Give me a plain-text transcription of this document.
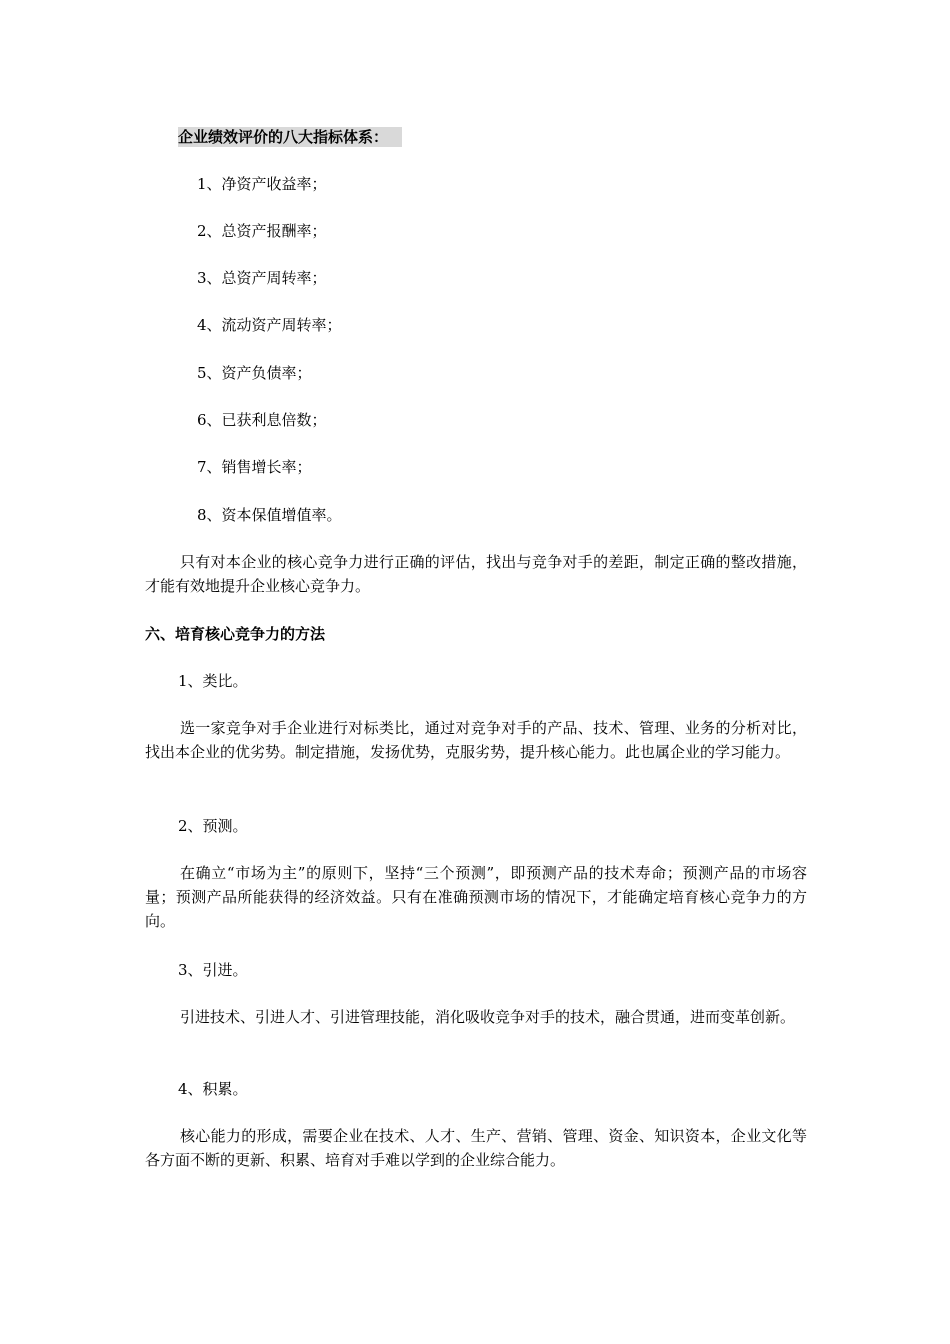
企业绩效评价的八大指标体系：
1、净资产收益率；
2、总资产报酬率；
3、总资产周转率；
4、流动资产周转率；
5、资产负债率；
6、已获利息倍数；
7、销售增长率；
8、资本保值增值率。
只有对本企业的核心竞争力进行正确的评估，找出与竞争对手的差距，制定正确的整改措施，才能有效地提升企业核心竞争力。
六、培育核心竞争力的方法
1、类比。
选一家竞争对手企业进行对标类比，通过对竞争对手的产品、技术、管理、业务的分析对比，找出本企业的优劣势。制定措施，发扬优势，克服劣势，提升核心能力。此也属企业的学习能力。
2、预测。
在确立“市场为主”的原则下，坚持“三个预测”，即预测产品的技术寿命；预测产品的市场容量；预测产品所能获得的经济效益。只有在准确预测市场的情况下，才能确定培育核心竞争力的方向。
3、引进。
引进技术、引进人才、引进管理技能，消化吸收竞争对手的技术，融合贯通，进而变革创新。
4、积累。
核心能力的形成，需要企业在技术、人才、生产、营销、管理、资金、知识资本，企业文化等各方面不断的更新、积累、培育对手难以学到的企业综合能力。
